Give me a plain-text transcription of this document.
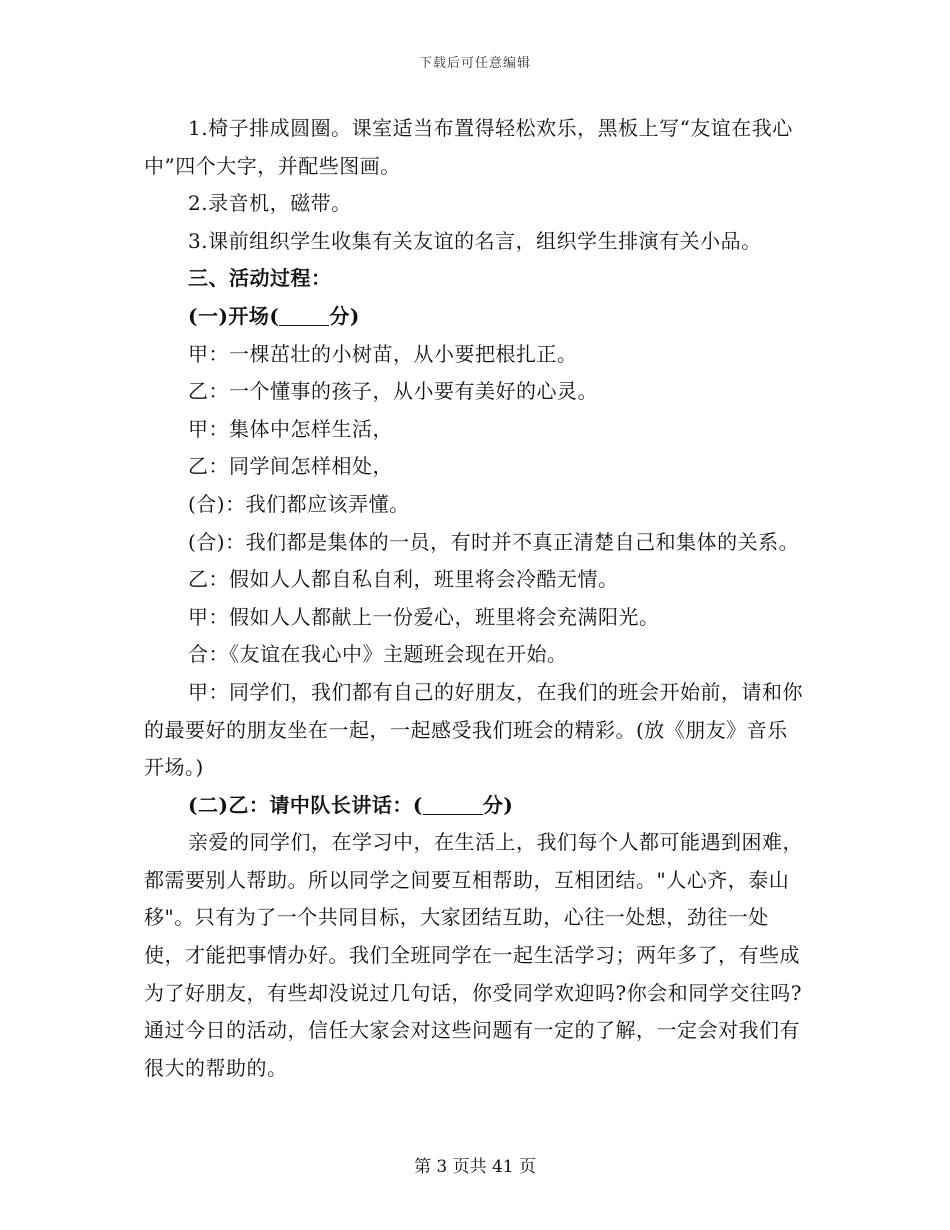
下载后可任意编辑

1.椅子排成圆圈。课室适当布置得轻松欢乐，黑板上写“友谊在我心中”四个大字，并配些图画。

2.录音机，磁带。

3.课前组织学生收集有关友谊的名言，组织学生排演有关小品。

三、活动过程：

(一)开场(	分)

甲：一棵茁壮的小树苗，从小要把根扎正。

乙：一个懂事的孩子，从小要有美好的心灵。

甲：集体中怎样生活，

乙：同学间怎样相处，

(合)：我们都应该弄懂。

(合)：我们都是集体的一员，有时并不真正清楚自己和集体的关系。

乙：假如人人都自私自利，班里将会冷酷无情。

甲：假如人人都献上一份爱心，班里将会充满阳光。

合：《友谊在我心中》主题班会现在开始。

甲：同学们，我们都有自己的好朋友，在我们的班会开始前，请和你的最要好的朋友坐在一起，一起感受我们班会的精彩。(放《朋友》音乐开场。)

(二)乙：请中队长讲话：(	分)

亲爱的同学们，在学习中，在生活上，我们每个人都可能遇到困难，都需要别人帮助。所以同学之间要互相帮助，互相团结。"人心齐，泰山移"。只有为了一个共同目标，大家团结互助，心往一处想，劲往一处使，才能把事情办好。我们全班同学在一起生活学习；两年多了，有些成为了好朋友，有些却没说过几句话，你受同学欢迎吗?你会和同学交往吗?通过今日的活动，信任大家会对这些问题有一定的了解，一定会对我们有很大的帮助的。

第 3 页共 41 页
